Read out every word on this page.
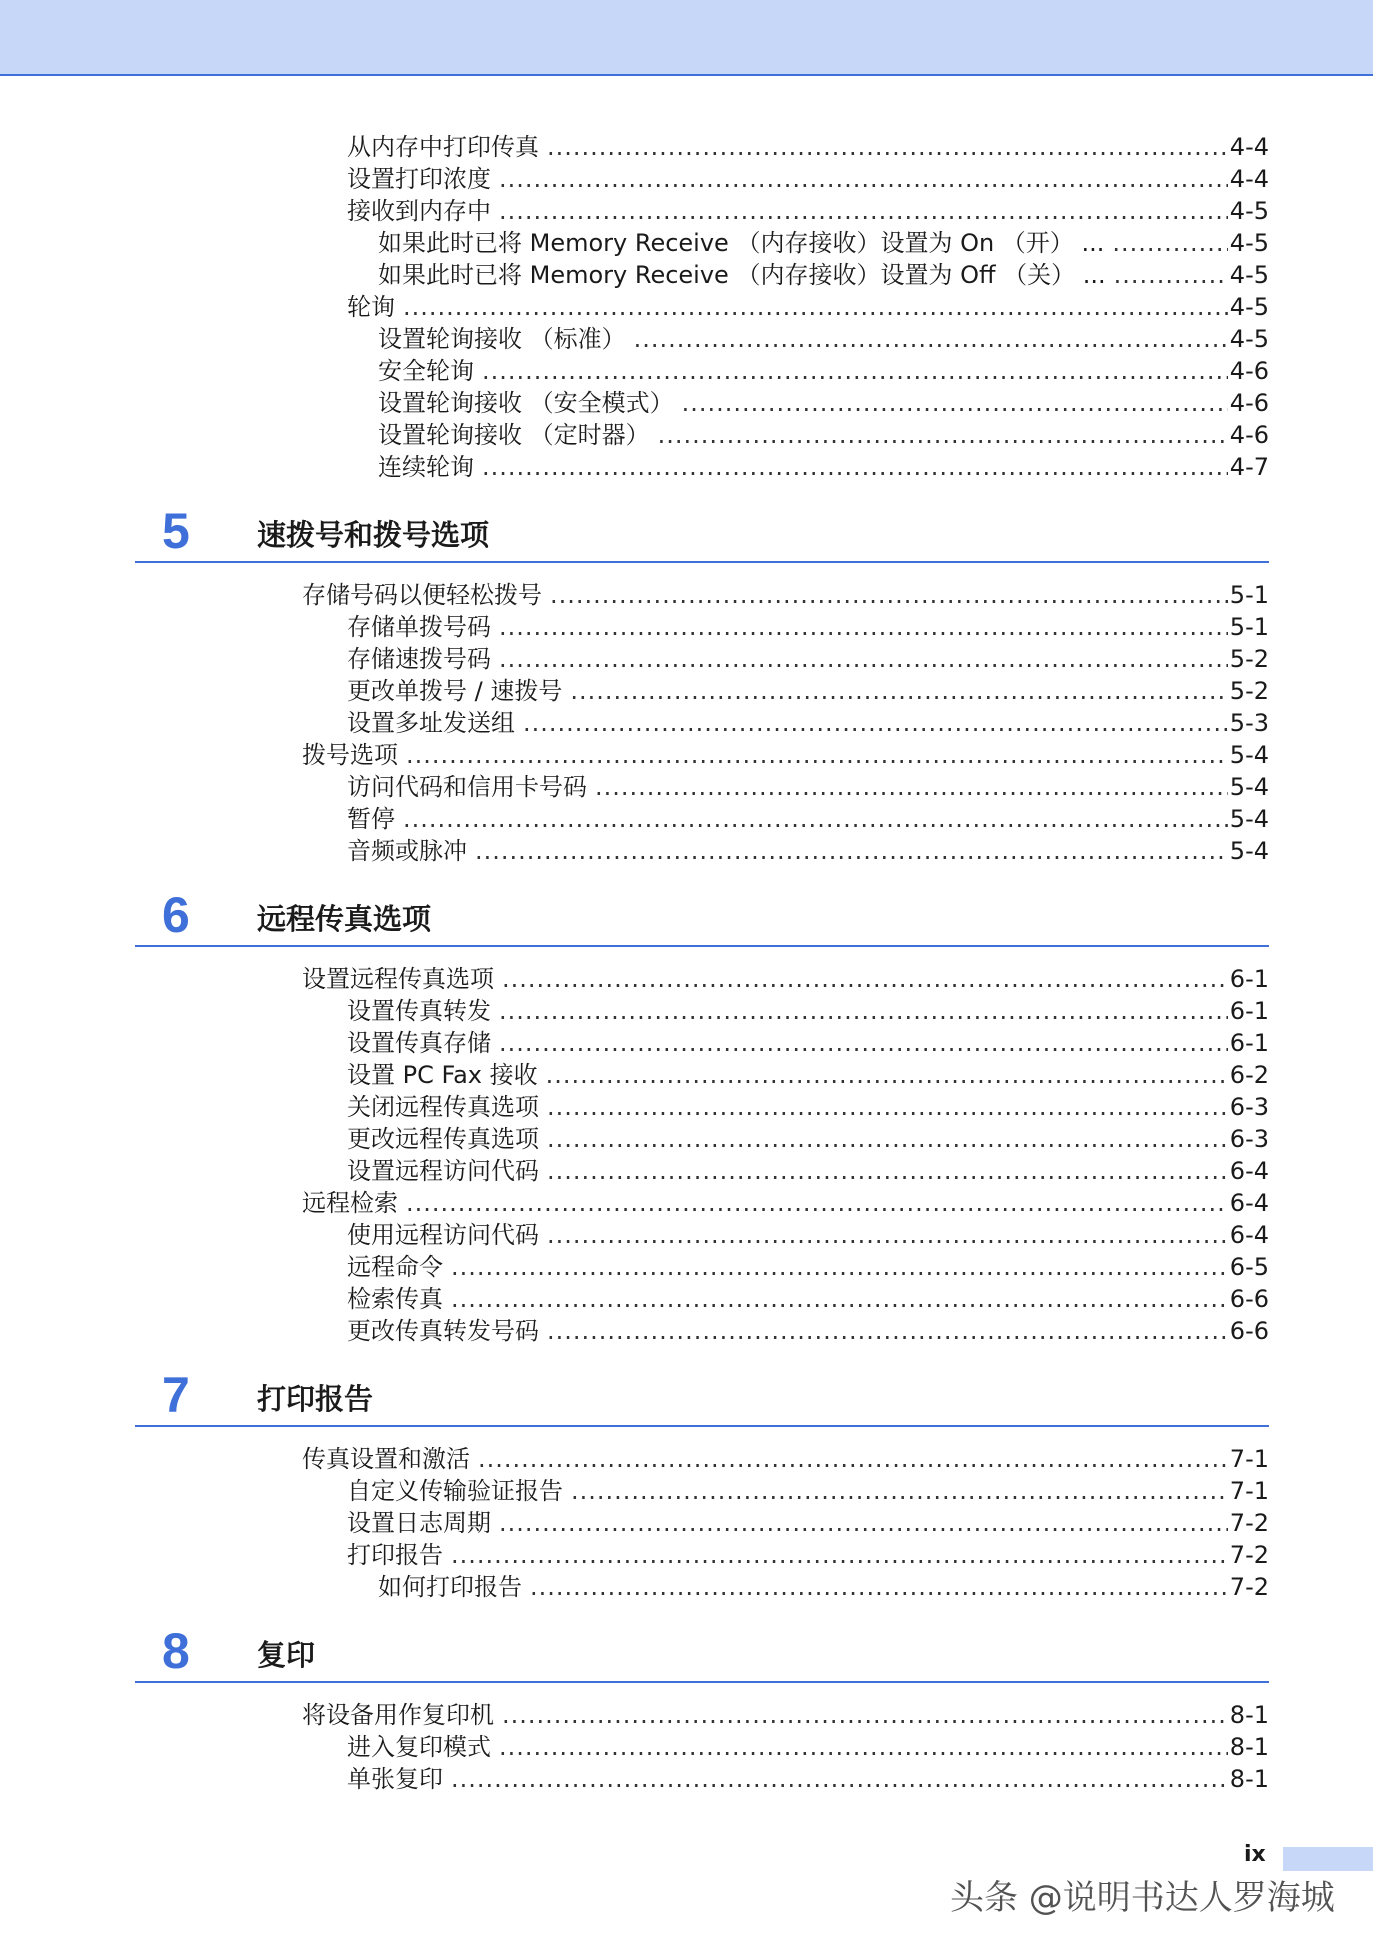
从内存中打印传真 .....	4-4
设置打印浓度 .....	4-4
接收到内存中 .....	4-5
如果此时已将 Memory Receive （内存接收）设置为 On （开） ... .....	4-5
如果此时已将 Memory Receive （内存接收）设置为 Off （关） ... .....	4-5
轮询 .....	4-5
设置轮询接收 （标准） .....	4-5
安全轮询 .....	4-6
设置轮询接收 （安全模式） .....	4-6
设置轮询接收 （定时器） .....	4-6
连续轮询 .....	4-7
5 速拨号和拨号选项
存储号码以便轻松拨号 .....	5-1
存储单拨号码 .....	5-1
存储速拨号码 .....	5-2
更改单拨号 / 速拨号 .....	5-2
设置多址发送组 .....	5-3
拨号选项 .....	5-4
访问代码和信用卡号码 .....	5-4
暂停 .....	5-4
音频或脉冲 .....	5-4
6 远程传真选项
设置远程传真选项 .....	6-1
设置传真转发 .....	6-1
设置传真存储 .....	6-1
设置 PC Fax 接收 .....	6-2
关闭远程传真选项 .....	6-3
更改远程传真选项 .....	6-3
设置远程访问代码 .....	6-4
远程检索 .....	6-4
使用远程访问代码 .....	6-4
远程命令 .....	6-5
检索传真 .....	6-6
更改传真转发号码 .....	6-6
7 打印报告
传真设置和激活 .....	7-1
自定义传输验证报告 .....	7-1
设置日志周期 .....	7-2
打印报告 .....	7-2
如何打印报告 .....	7-2
8 复印
将设备用作复印机 .....	8-1
进入复印模式 .....	8-1
单张复印 .....	8-1
ix
头条 @说明书达人罗海城
